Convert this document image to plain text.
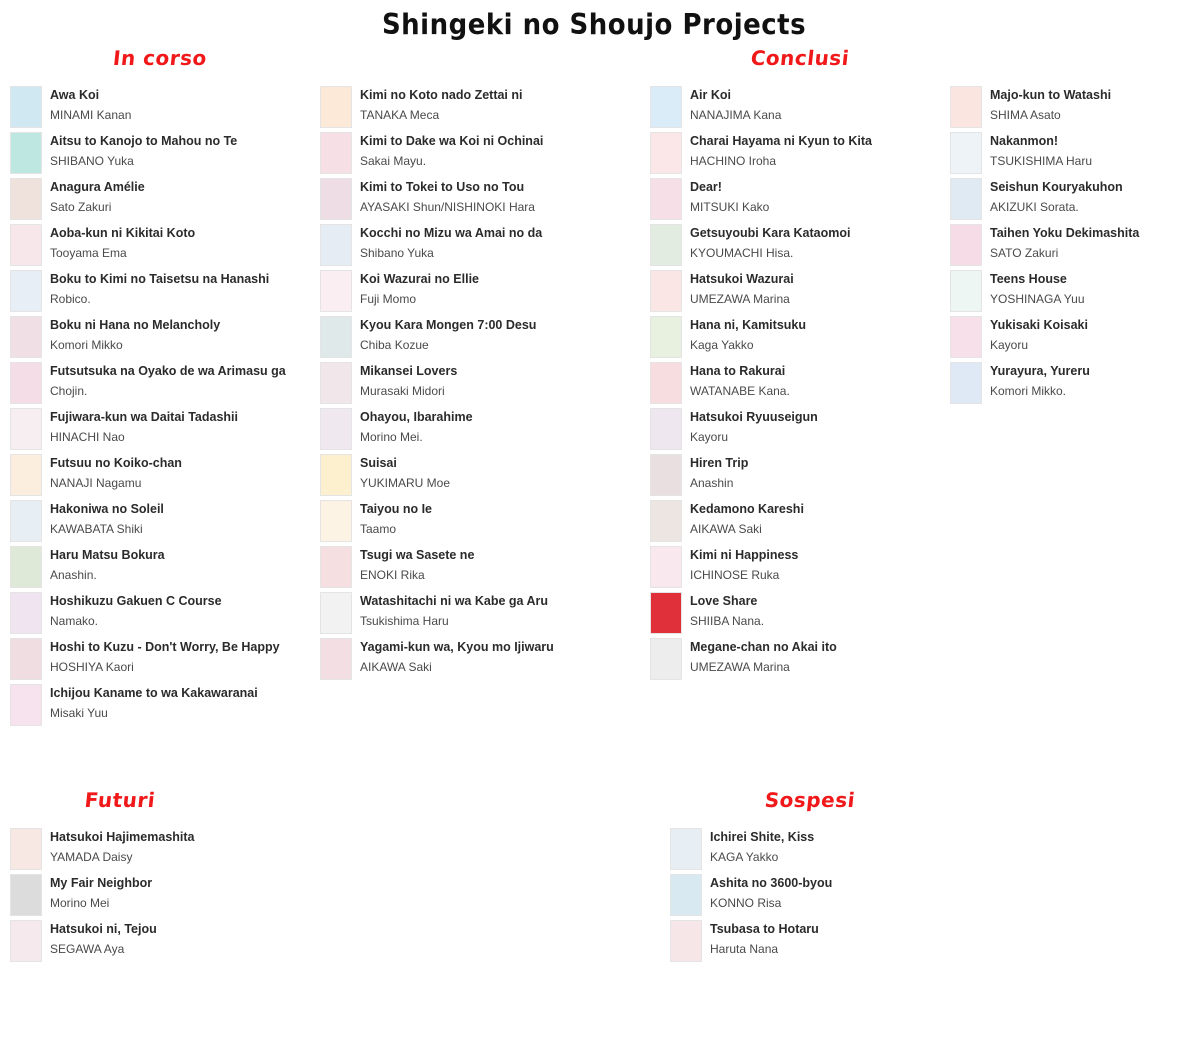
Shingeki no Shoujo Projects
In corso	Conclusi
Awa Koi
MINAMI Kanan
Aitsu to Kanojo to Mahou no Te
SHIBANO Yuka
Anagura Amélie
Sato Zakuri
Aoba-kun ni Kikitai Koto
Tooyama Ema
Boku to Kimi no Taisetsu na Hanashi
Robico.
Boku ni Hana no Melancholy
Komori Mikko
Futsutsuka na Oyako de wa Arimasu ga
Chojin.
Fujiwara-kun wa Daitai Tadashii
HINACHI Nao
Futsuu no Koiko-chan
NANAJI Nagamu
Hakoniwa no Soleil
KAWABATA Shiki
Haru Matsu Bokura
Anashin.
Hoshikuzu Gakuen C Course
Namako.
Hoshi to Kuzu - Don't Worry, Be Happy
HOSHIYA Kaori
Ichijou Kaname to wa Kakawaranai
Misaki Yuu
Kimi no Koto nado Zettai ni
TANAKA Meca
Kimi to Dake wa Koi ni Ochinai
Sakai Mayu.
Kimi to Tokei to Uso no Tou
AYASAKI Shun/NISHINOKI Hara
Kocchi no Mizu wa Amai no da
Shibano Yuka
Koi Wazurai no Ellie
Fuji Momo
Kyou Kara Mongen 7:00 Desu
Chiba Kozue
Mikansei Lovers
Murasaki Midori
Ohayou, Ibarahime
Morino Mei.
Suisai
YUKIMARU Moe
Taiyou no Ie
Taamo
Tsugi wa Sasete ne
ENOKI Rika
Watashitachi ni wa Kabe ga Aru
Tsukishima Haru
Yagami-kun wa, Kyou mo Ijiwaru
AIKAWA Saki
Air Koi
NANAJIMA Kana
Charai Hayama ni Kyun to Kita
HACHINO Iroha
Dear!
MITSUKI Kako
Getsuyoubi Kara Kataomoi
KYOUMACHI Hisa.
Hatsukoi Wazurai
UMEZAWA Marina
Hana ni, Kamitsuku
Kaga Yakko
Hana to Rakurai
WATANABE Kana.
Hatsukoi Ryuuseigun
Kayoru
Hiren Trip
Anashin
Kedamono Kareshi
AIKAWA Saki
Kimi ni Happiness
ICHINOSE Ruka
Love Share
SHIIBA Nana.
Megane-chan no Akai ito
UMEZAWA Marina
Majo-kun to Watashi
SHIMA Asato
Nakanmon!
TSUKISHIMA Haru
Seishun Kouryakuhon
AKIZUKI Sorata.
Taihen Yoku Dekimashita
SATO Zakuri
Teens House
YOSHINAGA Yuu
Yukisaki Koisaki
Kayoru
Yurayura, Yureru
Komori Mikko.
Futuri	Sospesi
Hatsukoi Hajimemashita
YAMADA Daisy
My Fair Neighbor
Morino Mei
Hatsukoi ni, Tejou
SEGAWA Aya
Ichirei Shite, Kiss
KAGA Yakko
Ashita no 3600-byou
KONNO Risa
Tsubasa to Hotaru
Haruta Nana
